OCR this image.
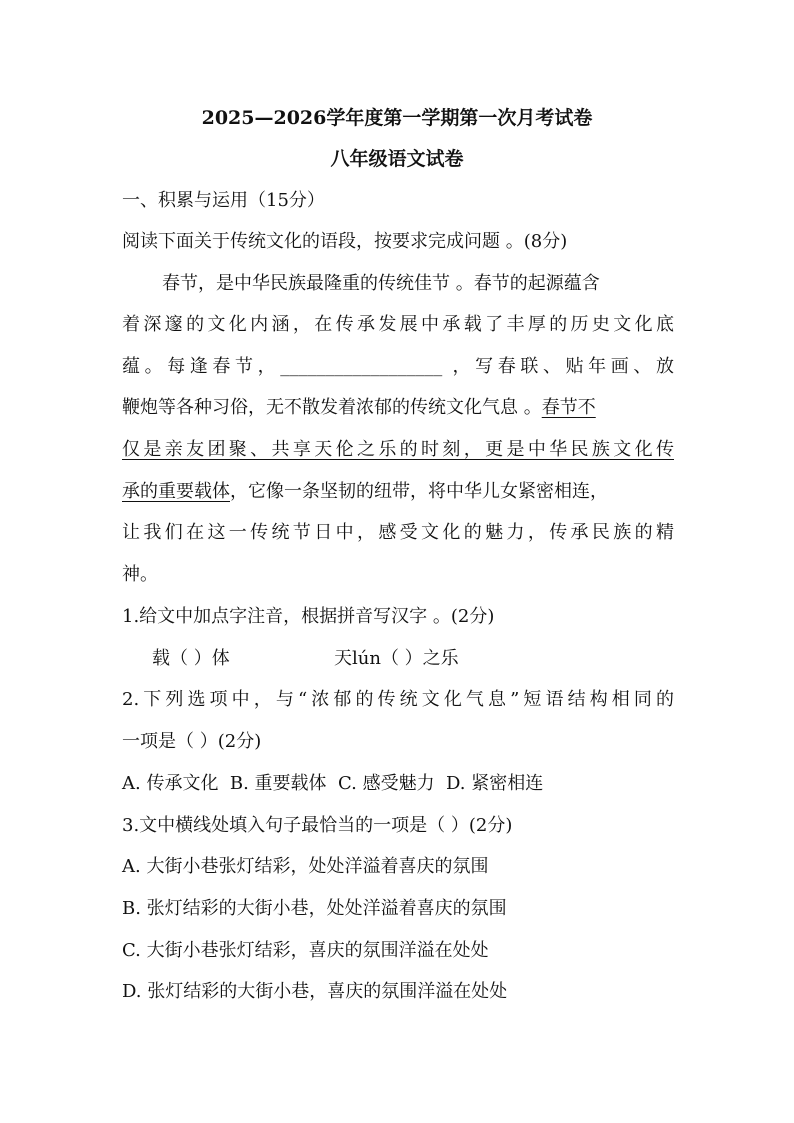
2025—2026学年度第一学期第一次月考试卷
八年级语文试卷
一、积累与运用（15分）
阅读下面关于传统文化的语段，按要求完成问题 。(8分)
春节，是中华民族最隆重的传统佳节 。春节的起源蕴含
着深邃的文化内涵，在传承发展中承载了丰厚的历史文化底
蕴。每逢春节，__________________ ，写春联、贴年画、放
鞭炮等各种习俗，无不散发着浓郁的传统文化气息 。春节不
仅是亲友团聚、共享天伦之乐的时刻，更是中华民族文化传
承的重要载体，它像一条坚韧的纽带，将中华儿女紧密相连，
让我们在这一传统节日中，感受文化的魅力，传承民族的精
神。
1.给文中加点字注音，根据拼音写汉字 。(2分)
载（ ）体	天lún（ ）之乐
2.下列选项中，与“浓郁的传统文化气息”短语结构相同的
一项是（ ）(2分)
A. 传承文化  B. 重要载体  C. 感受魅力  D. 紧密相连
3.文中横线处填入句子最恰当的一项是（ ）(2分)
A. 大街小巷张灯结彩，处处洋溢着喜庆的氛围
B. 张灯结彩的大街小巷，处处洋溢着喜庆的氛围
C. 大街小巷张灯结彩，喜庆的氛围洋溢在处处
D. 张灯结彩的大街小巷，喜庆的氛围洋溢在处处
